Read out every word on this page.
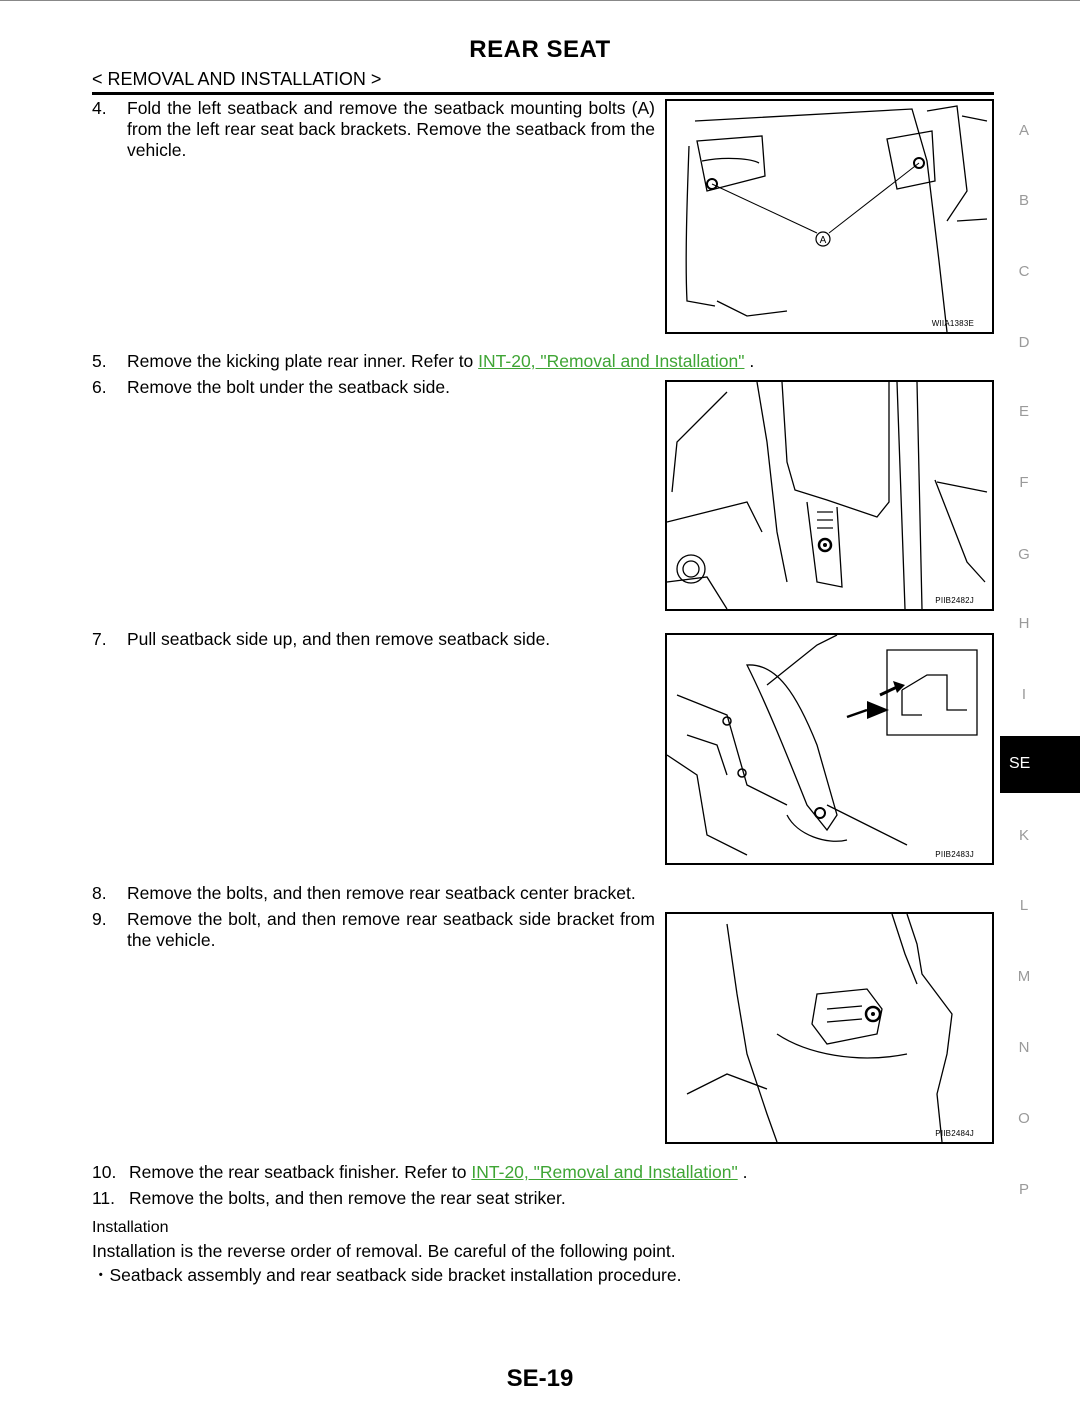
REAR SEAT
< REMOVAL AND INSTALLATION >
4. Fold the left seatback and remove the seatback mounting bolts (A) from the left rear seat back brackets. Remove the seatback from the vehicle.
A
WIIA1383E
5. Remove the kicking plate rear inner. Refer to INT-20, "Removal and Installation" .
6. Remove the bolt under the seatback side.
PIIB2482J
7. Pull seatback side up, and then remove seatback side.
PIIB2483J
8. Remove the bolts, and then remove rear seatback center bracket.
9. Remove the bolt, and then remove rear seatback side bracket from the vehicle.
PIIB2484J
10. Remove the rear seatback finisher. Refer to INT-20, "Removal and Installation" .
11. Remove the bolts, and then remove the rear seat striker.
Installation
Installation is the reverse order of removal. Be careful of the following point.
・Seatback assembly and rear seatback side bracket installation procedure.
A
B
C
D
E
F
G
H
I
SE
K
L
M
N
O
P
SE-19
